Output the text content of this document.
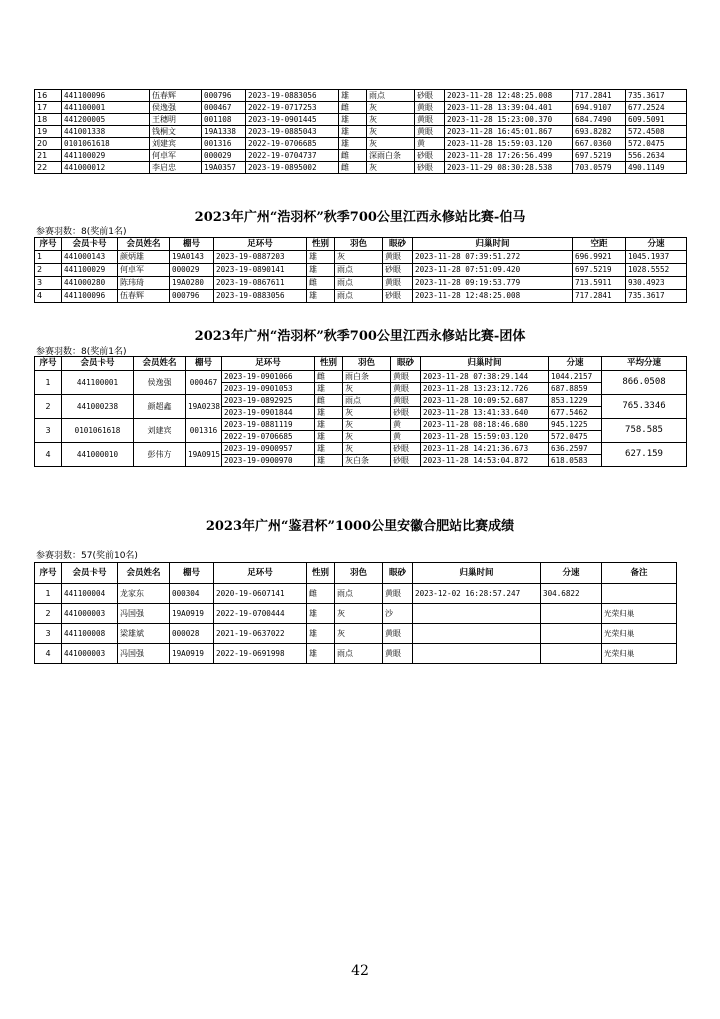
16	441100096	伍春辉	000796	2023-19-0883056	雄	雨点	砂眼	2023-11-28 12:48:25.008	717.2841	735.3617
17	441100001	侯逸强	000467	2022-19-0717253	雌	灰	黄眼	2023-11-28 13:39:04.401	694.9107	677.2524
18	441200005	王穗明	001108	2023-19-0901445	雄	灰	黄眼	2023-11-28 15:23:00.370	684.7490	609.5091
19	441001338	钱桐文	19A1338	2023-19-0885043	雄	灰	黄眼	2023-11-28 16:45:01.867	693.8282	572.4508
20	0101061618	刘建宾	001316	2022-19-0706685	雄	灰	黄	2023-11-28 15:59:03.120	667.0360	572.0475
21	441100029	何卓军	000029	2022-19-0704737	雌	深雨白条	砂眼	2023-11-28 17:26:56.499	697.5219	556.2634
22	441000012	李启忠	19A0357	2023-19-0895002	雌	灰	砂眼	2023-11-29 08:30:28.538	703.0579	490.1149
2023年广州“浩羽杯”秋季700公里江西永修站比赛-伯马
参赛羽数：8(奖前1名)
序号	会员卡号	会员姓名	棚号	足环号	性别	羽色	眼砂	归巢时间	空距	分速
1	441000143	颜炳雄	19A0143	2023-19-0887203	雄	灰	黄眼	2023-11-28 07:39:51.272	696.9921	1045.1937
2	441100029	何卓军	000029	2023-19-0890141	雄	雨点	砂眼	2023-11-28 07:51:09.420	697.5219	1028.5552
3	441000280	陈玮琦	19A0280	2023-19-0867611	雌	雨点	黄眼	2023-11-28 09:19:53.779	713.5911	930.4923
4	441100096	伍春辉	000796	2023-19-0883056	雄	雨点	砂眼	2023-11-28 12:48:25.008	717.2841	735.3617
2023年广州“浩羽杯”秋季700公里江西永修站比赛-团体
参赛羽数：8(奖前1名)
序号	会员卡号	会员姓名	棚号	足环号	性别	羽色	眼砂	归巢时间	分速	平均分速
1	441100001	侯逸强	000467	2023-19-0901066	雌	雨白条	黄眼	2023-11-28 07:38:29.144	1044.2157	866.0508
				2023-19-0901053	雄	灰	黄眼	2023-11-28 13:23:12.726	687.8859	
2	441000238	颜超鑫	19A0238	2023-19-0892925	雌	雨点	黄眼	2023-11-28 10:09:52.687	853.1229	765.3346
				2023-19-0901844	雄	灰	砂眼	2023-11-28 13:41:33.640	677.5462	
3	0101061618	刘建宾	001316	2023-19-0881119	雄	灰	黄	2023-11-28 08:18:46.680	945.1225	758.585
				2022-19-0706685	雄	灰	黄	2023-11-28 15:59:03.120	572.0475	
4	441000010	彭伟方	19A0915	2023-19-0900957	雄	灰	砂眼	2023-11-28 14:21:36.673	636.2597	627.159
				2023-19-0900970	雄	灰白条	砂眼	2023-11-28 14:53:04.872	618.0583	
2023年广州“鉴君杯”1000公里安徽合肥站比赛成绩
参赛羽数：57(奖前10名)
序号	会员卡号	会员姓名	棚号	足环号	性别	羽色	眼砂	归巢时间	分速	备注
1	441100004	龙家东	000304	2020-19-0607141	雌	雨点	黄眼	2023-12-02 16:28:57.247	304.6822	
2	441000003	冯国强	19A0919	2022-19-0700444	雄	灰	沙			光荣归巢
3	441100008	梁雄斌	000028	2021-19-0637022	雄	灰	黄眼			光荣归巢
4	441000003	冯国强	19A0919	2022-19-0691998	雄	雨点	黄眼			光荣归巢
42
